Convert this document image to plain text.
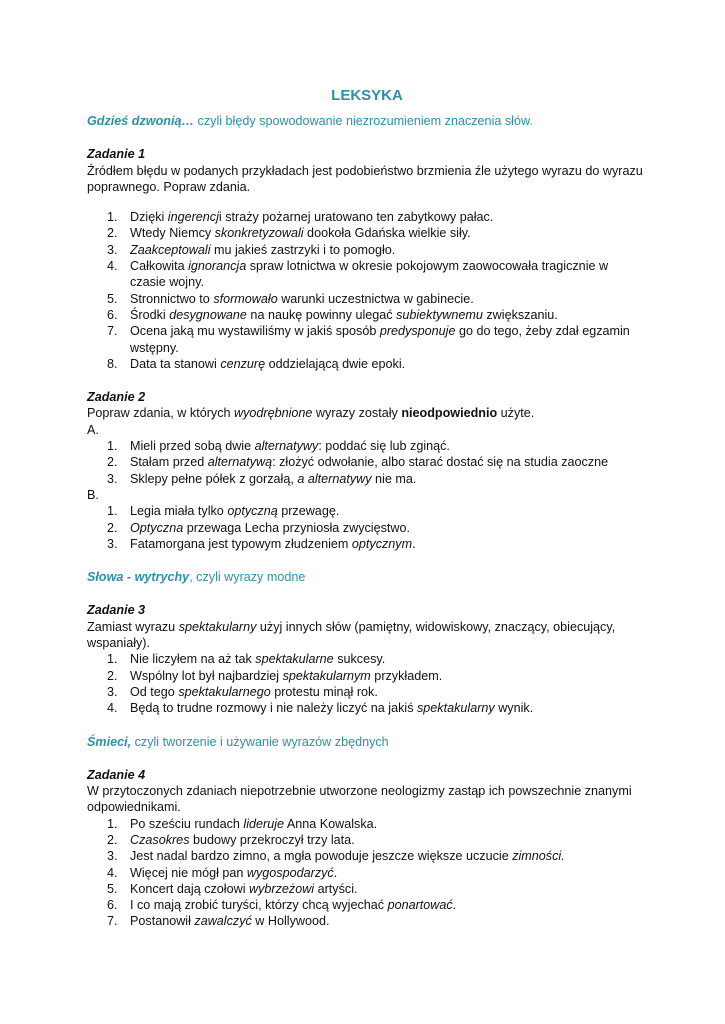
LEKSYKA

Gdzieś dzwonią… czyli błędy spowodowanie niezrozumieniem znaczenia słów.

Zadanie 1

Źródłem błędu w podanych przykładach jest podobieństwo brzmienia źle użytego wyrazu do wyrazu poprawnego. Popraw zdania.

1. Dzięki ingerencji straży pożarnej uratowano ten zabytkowy pałac.
2. Wtedy Niemcy skonkretyzowali dookoła Gdańska wielkie siły.
3. Zaakceptowali mu jakieś zastrzyki i to pomogło.
4. Całkowita ignorancja spraw lotnictwa w okresie pokojowym zaowocowała tragicznie w czasie wojny.
5. Stronnictwo to sformowało warunki uczestnictwa w gabinecie.
6. Środki desygnowane na naukę powinny ulegać subiektywnemu zwiększaniu.
7. Ocena jaką mu wystawiliśmy w jakiś sposób predysponuje go do tego, żeby zdał egzamin wstępny.
8. Data ta stanowi cenzurę oddzielającą dwie epoki.

Zadanie 2

Popraw zdania, w których wyodrębnione wyrazy zostały nieodpowiednio użyte.

A.

1. Mieli przed sobą dwie alternatywy: poddać się lub zginąć.
2. Stałam przed alternatywą: złożyć odwołanie, albo starać dostać się na studia zaoczne
3. Sklepy pełne półek z gorzałą, a alternatywy nie ma.

B.

1. Legia miała tylko optyczną przewagę.
2. Optyczna przewaga Lecha przyniosła zwycięstwo.
3. Fatamorgana jest typowym złudzeniem optycznym.

Słowa - wytrychy, czyli wyrazy modne

Zadanie 3

Zamiast wyrazu spektakularny użyj innych słów (pamiętny, widowiskowy, znaczący, obiecujący, wspaniały).

1. Nie liczyłem na aż tak spektakularne sukcesy.
2. Wspólny lot był najbardziej spektakularnym przykładem.
3. Od tego spektakularnego protestu minął rok.
4. Będą to trudne rozmowy i nie należy liczyć na jakiś spektakularny wynik.

Śmieci, czyli tworzenie i używanie wyrazów zbędnych

Zadanie 4

W przytoczonych zdaniach niepotrzebnie utworzone neologizmy zastąp ich powszechnie znanymi odpowiednikami.

1. Po sześciu rundach lideruje Anna Kowalska.
2. Czasokres budowy przekroczył trzy lata.
3. Jest nadal bardzo zimno, a mgła powoduje jeszcze większe uczucie zimności.
4. Więcej nie mógł pan wygospodarzyć.
5. Koncert dają czołowi wybrzeżowi artyści.
6. I co mają zrobić turyści, którzy chcą wyjechać ponartować.
7. Postanowił zawalczyć w Hollywood.
